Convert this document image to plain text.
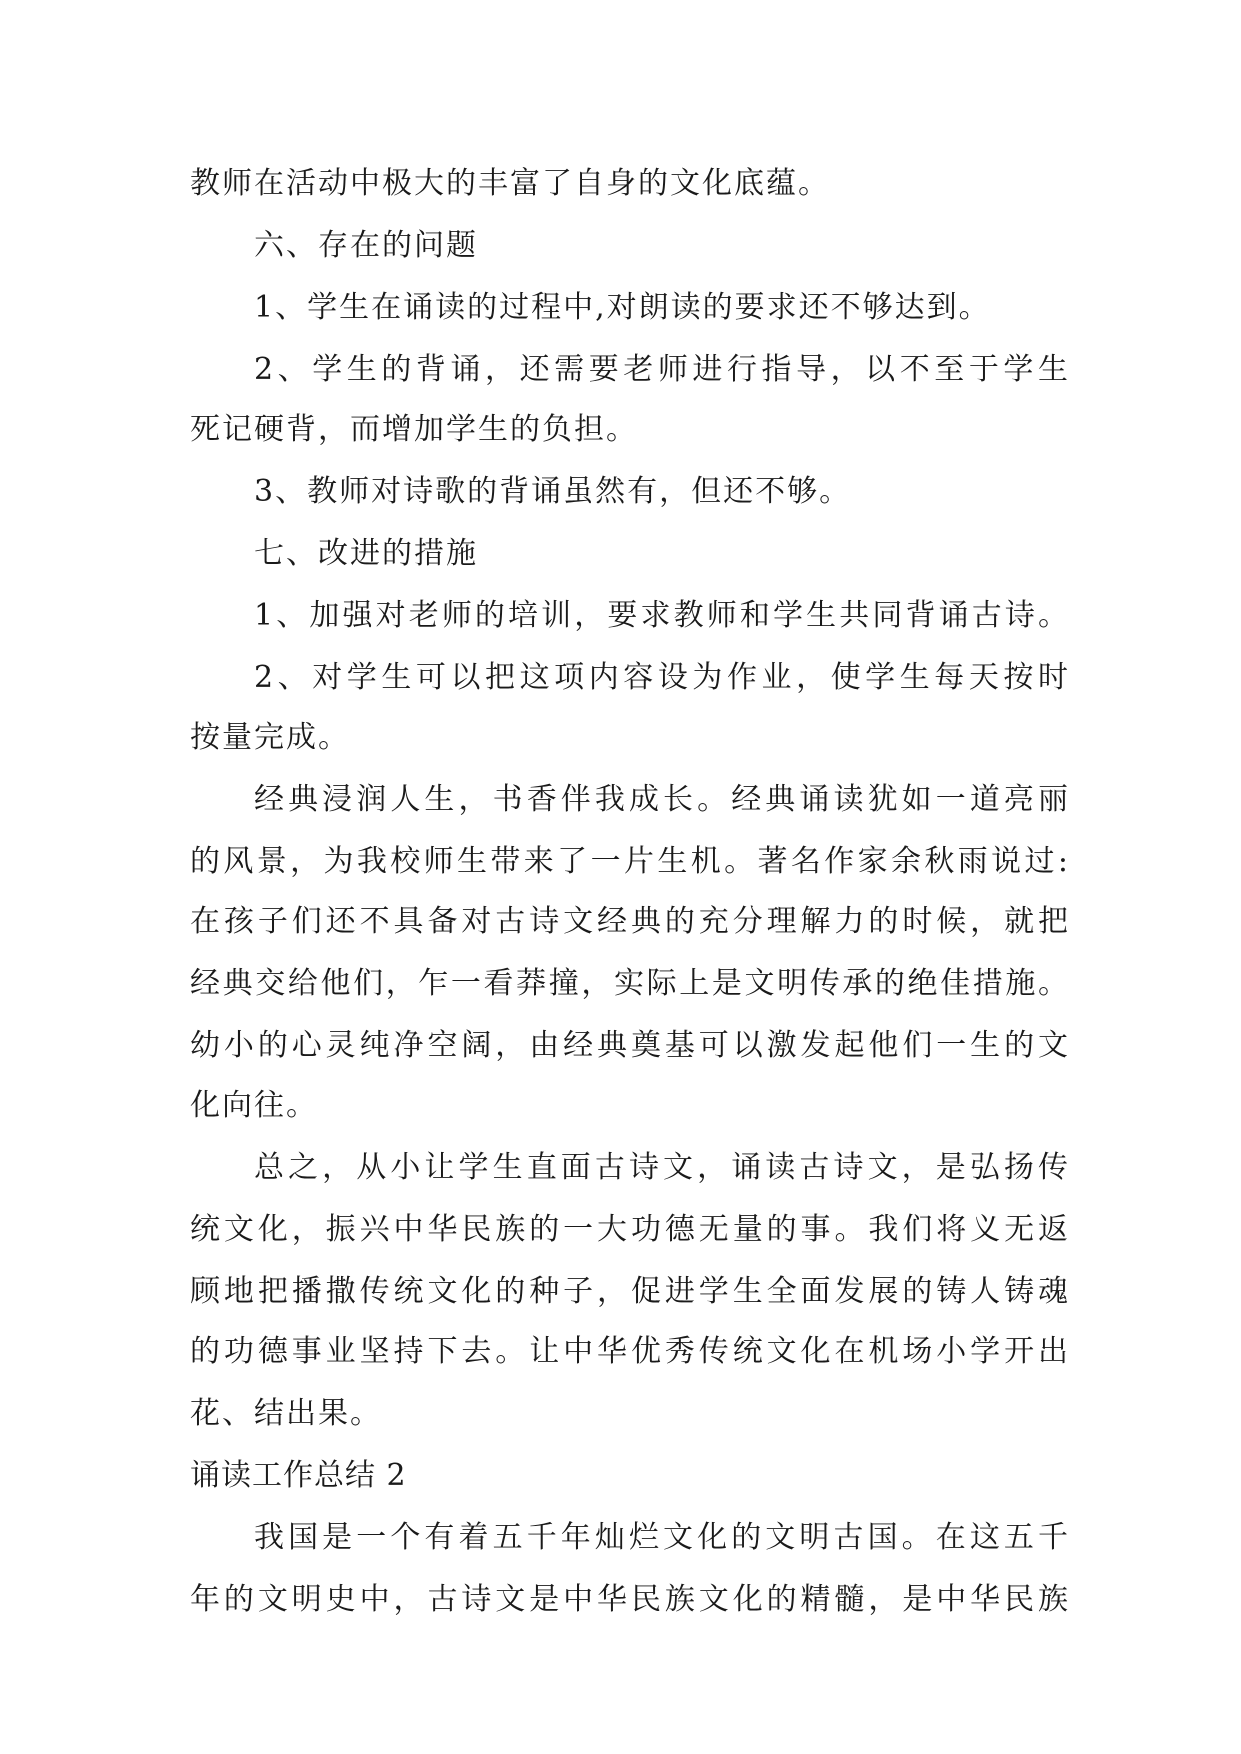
教师在活动中极大的丰富了自身的文化底蕴。
六、存在的问题
1、学生在诵读的过程中,对朗读的要求还不够达到。
2、学生的背诵，还需要老师进行指导，以不至于学生
死记硬背，而增加学生的负担。
3、教师对诗歌的背诵虽然有，但还不够。
七、改进的措施
1、加强对老师的培训，要求教师和学生共同背诵古诗。
2、对学生可以把这项内容设为作业，使学生每天按时
按量完成。
经典浸润人生，书香伴我成长。经典诵读犹如一道亮丽
的风景，为我校师生带来了一片生机。著名作家余秋雨说过:
在孩子们还不具备对古诗文经典的充分理解力的时候，就把
经典交给他们，乍一看莽撞，实际上是文明传承的绝佳措施。
幼小的心灵纯净空阔，由经典奠基可以激发起他们一生的文
化向往。
总之，从小让学生直面古诗文，诵读古诗文，是弘扬传
统文化，振兴中华民族的一大功德无量的事。我们将义无返
顾地把播撒传统文化的种子，促进学生全面发展的铸人铸魂
的功德事业坚持下去。让中华优秀传统文化在机场小学开出
花、结出果。
诵读工作总结 2
我国是一个有着五千年灿烂文化的文明古国。在这五千
年的文明史中，古诗文是中华民族文化的精髓，是中华民族
